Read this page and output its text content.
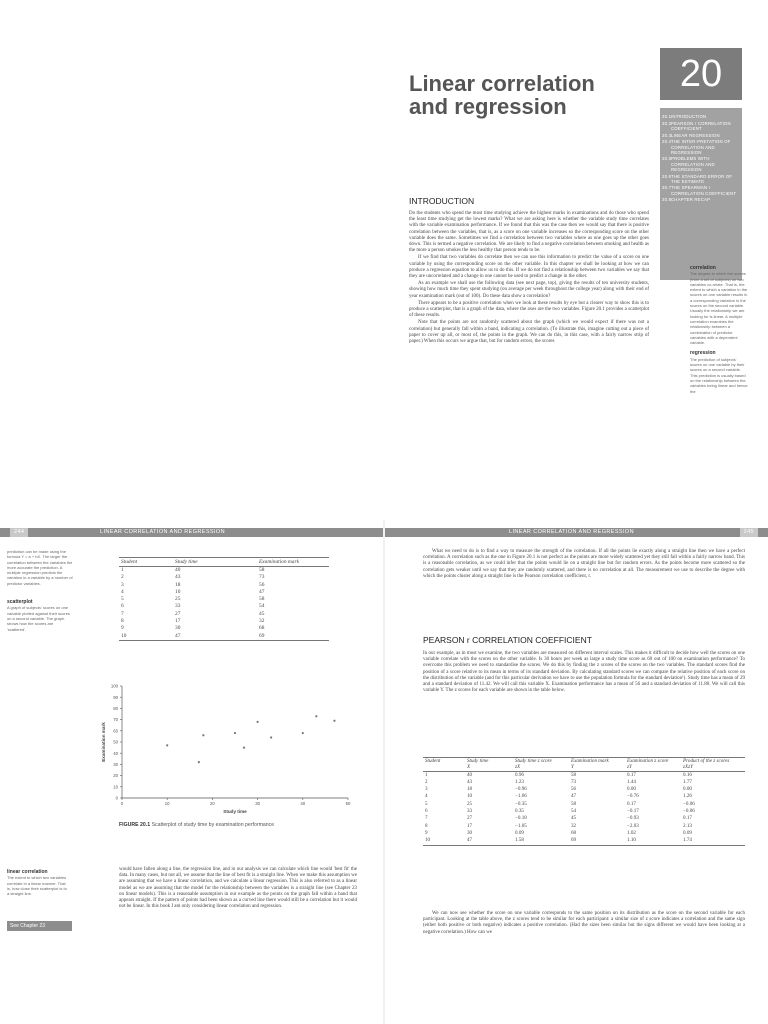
Linear correlation
and regression
20
20.1 INTRODUCTION
20.2 PEARSON r CORRELATION COEFFICIENT
20.3 LINEAR REGRESSION
20.4 THE INTER-PRETATION OF CORRELATION AND REGRESSION
20.5 PROBLEMS WITH CORRELATION AND REGRESSION
20.6 THE STANDARD ERROR OF THE ESTIMATE
20.7 THE SPEARMAN r CORRELATION COEFFICIENT
20.8 CHAPTER RECAP
INTRODUCTION

Do the students who spend the most time studying achieve the highest marks in examinations and do those who spend the least time studying get the lowest marks? What we are asking here is whether the variable study time correlates with the variable examination performance. If we found that this was the case then we would say that there is positive correlation between the variables, that is, as a score on one variable increases so the corresponding score on the other variable does the same. Sometimes we find a correlation between two variables where as one goes up the other goes down. This is termed a negative correlation. We are likely to find a negative correlation between smoking and health as the more a person smokes the less healthy that person tends to be.

If we find that two variables do correlate then we can use this information to predict the value of a score on one variable by using the corresponding score on the other variable. In this chapter we shall be looking at how we can produce a regression equation to allow us to do this. If we do not find a relationship between two variables we say that they are uncorrelated and a change in one cannot be used to predict a change in the other.

As an example we shall use the following data (see next page, top), giving the results of ten university students, showing how much time they spent studying (on average per week throughout the college year) along with their end of year examination mark (out of 100). Do these data show a correlation?

There appears to be a positive correlation when we look at these results by eye but a clearer way to show this is to produce a scatterplot, that is a graph of the data, where the axes are the two variables. Figure 20.1 provides a scatterplot of these results.

Note that the points are not randomly scattered about the graph (which we would expect if there was not a correlation) but generally fall within a band, indicating a correlation. (To illustrate this, imagine cutting out a piece of paper to cover up all, or most of, the points in the graph. We can do this, in this case, with a fairly narrow strip of paper.) When this occurs we argue that, but for random errors, the scores

correlation
The degree to which the scores (from a set of subjects) on two variables co-relate. That is, the extent to which a variation in the scores on one variable results in a corresponding variation in the scores on the second variable. Usually the relationship we are looking for is linear. A multiple correlation examines the relationship between a combination of predictor variables with a dependent variable.
regression
The prediction of subjects' scores on one variable by their scores on a second variable. This prediction is usually based on the relationship between the variables being linear and hence the
244	LINEAR CORRELATION AND REGRESSION
prediction can be made using the formula Y = a + bX. The larger the correlation between the variables the more accurate the prediction. A multiple regression predicts the variation in a variable by a number of predictor variables.
scatterplot
A graph of subjects' scores on one variable plotted against their scores on a second variable. The graph shows how the scores are 'scattered'.
Student	Study time	Examination mark
1	40	58
2	43	73
3	18	56
4	10	47
5	25	58
6	33	54
7	27	45
8	17	32
9	30	68
10	47	69
0
10
20
30
40
50
60
70
80
90
100
0	10	20	30	40	50
Study time
Examination mark
FIGURE 20.1 Scatterplot of study time by examination performance
linear correlation
The extent to which two variables correlate in a linear manner. That is, how close their scatterplot is to a straight line.
See Chapter 23

would have fallen along a line, the regression line, and in our analysis we can calculate which line would 'best fit' the data. In many cases, but not all, we assume that the line of best fit is a straight line. When we make this assumption we are assuming that we have a linear correlation, and we calculate a linear regression. This is also referred to as a linear model as we are assuming that the model for the relationship between the variables is a straight line (see Chapter 23 on linear models). This is a reasonable assumption in our example as the points on the graph fall within a band that appears straight. If the pattern of points had been shown as a curved line there would still be a correlation but it would not be linear. In this book I am only considering linear correlation and regression.

LINEAR CORRELATION AND REGRESSION	245

What we need to do is to find a way to measure the strength of the correlation. If all the points lie exactly along a straight line then we have a perfect correlation. A correlation such as the one in Figure 20.1 is not perfect as the points are more widely scattered yet they still fall within a fairly narrow band. This is a reasonable correlation, as we could infer that the points would lie on a straight line but for random errors. As the points become more scattered so the correlation gets weaker until we say that they are randomly scattered, and there is no correlation at all. The measurement we use to describe the degree with which the points cluster along a straight line is the Pearson correlation coefficient, r.

PEARSON r CORRELATION COEFFICIENT

In our example, as in most we examine, the two variables are measured on different interval scales. This makes it difficult to decide how well the scores on one variable correlate with the scores on the other variable. Is 30 hours per week as large a study time score as 60 out of 100 on examination performance? To overcome this problem we need to standardise the scores. We do this by finding the z scores of the scores on the two variables. The standard scores find the position of a score relative to its mean in terms of its standard deviation. By calculating standard scores we can compare the relative position of each score on the distribution of the variable (and for this particular derivation we have to use the population formula for the standard deviation¹). Study time has a mean of 29 and a standard deviation of 11.42. We will call this variable X. Examination performance has a mean of 56 and a standard deviation of 11.80. We will call this variable Y. The z scores for each variable are shown in the table below.

Student	Study time	Study time z score	Examination mark	Examination z score	Product of the z scores
	X	zX	Y	zY	zXzY
1	40	0.96	58	0.17	0.16
2	43	1.23	73	1.44	1.77
3	18	−0.96	56	0.00	0.00
4	10	−1.66	47	−0.76	1.26
5	25	−0.35	58	0.17	−0.06
6	33	0.35	54	−0.17	−0.06
7	27	−0.18	45	−0.93	0.17
8	17	−1.05	32	−2.03	2.13
9	30	0.09	68	1.02	0.09
10	47	1.58	69	1.10	1.74

We can now see whether the score on one variable corresponds to the same position on its distribution as the score on the second variable for each participant. Looking at the table above, the z scores tend to be similar for each participant: a similar size of z score indicates a correlation and the same sign (either both positive or both negative) indicates a positive correlation. (Had the sizes been similar but the signs different we would have been looking at a negative correlation.) How can we
